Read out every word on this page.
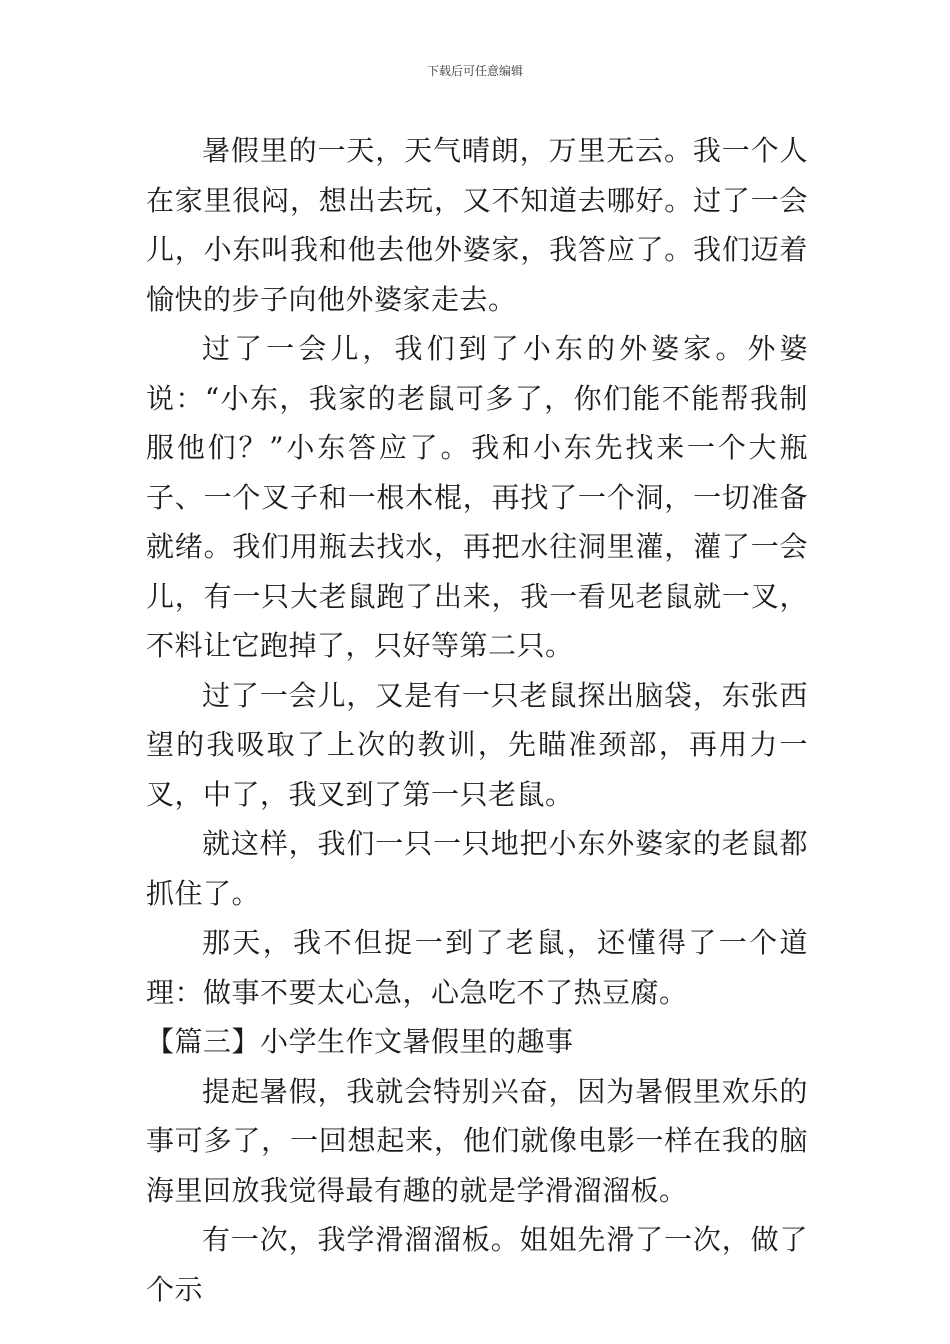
下载后可任意编辑

暑假里的一天，天气晴朗，万里无云。我一个人在家里很闷，想出去玩，又不知道去哪好。过了一会儿，小东叫我和他去他外婆家，我答应了。我们迈着愉快的步子向他外婆家走去。

过了一会儿，我们到了小东的外婆家。外婆说：“小东，我家的老鼠可多了，你们能不能帮我制服他们？”小东答应了。我和小东先找来一个大瓶子、一个叉子和一根木棍，再找了一个洞，一切准备就绪。我们用瓶去找水，再把水往洞里灌，灌了一会儿，有一只大老鼠跑了出来，我一看见老鼠就一叉，不料让它跑掉了，只好等第二只。

过了一会儿，又是有一只老鼠探出脑袋，东张西望的我吸取了上次的教训，先瞄准颈部，再用力一叉，中了，我叉到了第一只老鼠。

就这样，我们一只一只地把小东外婆家的老鼠都抓住了。

那天，我不但捉一到了老鼠，还懂得了一个道理：做事不要太心急，心急吃不了热豆腐。

【篇三】小学生作文暑假里的趣事

提起暑假，我就会特别兴奋，因为暑假里欢乐的事可多了，一回想起来，他们就像电影一样在我的脑海里回放我觉得最有趣的就是学滑溜溜板。

有一次，我学滑溜溜板。姐姐先滑了一次，做了个示
